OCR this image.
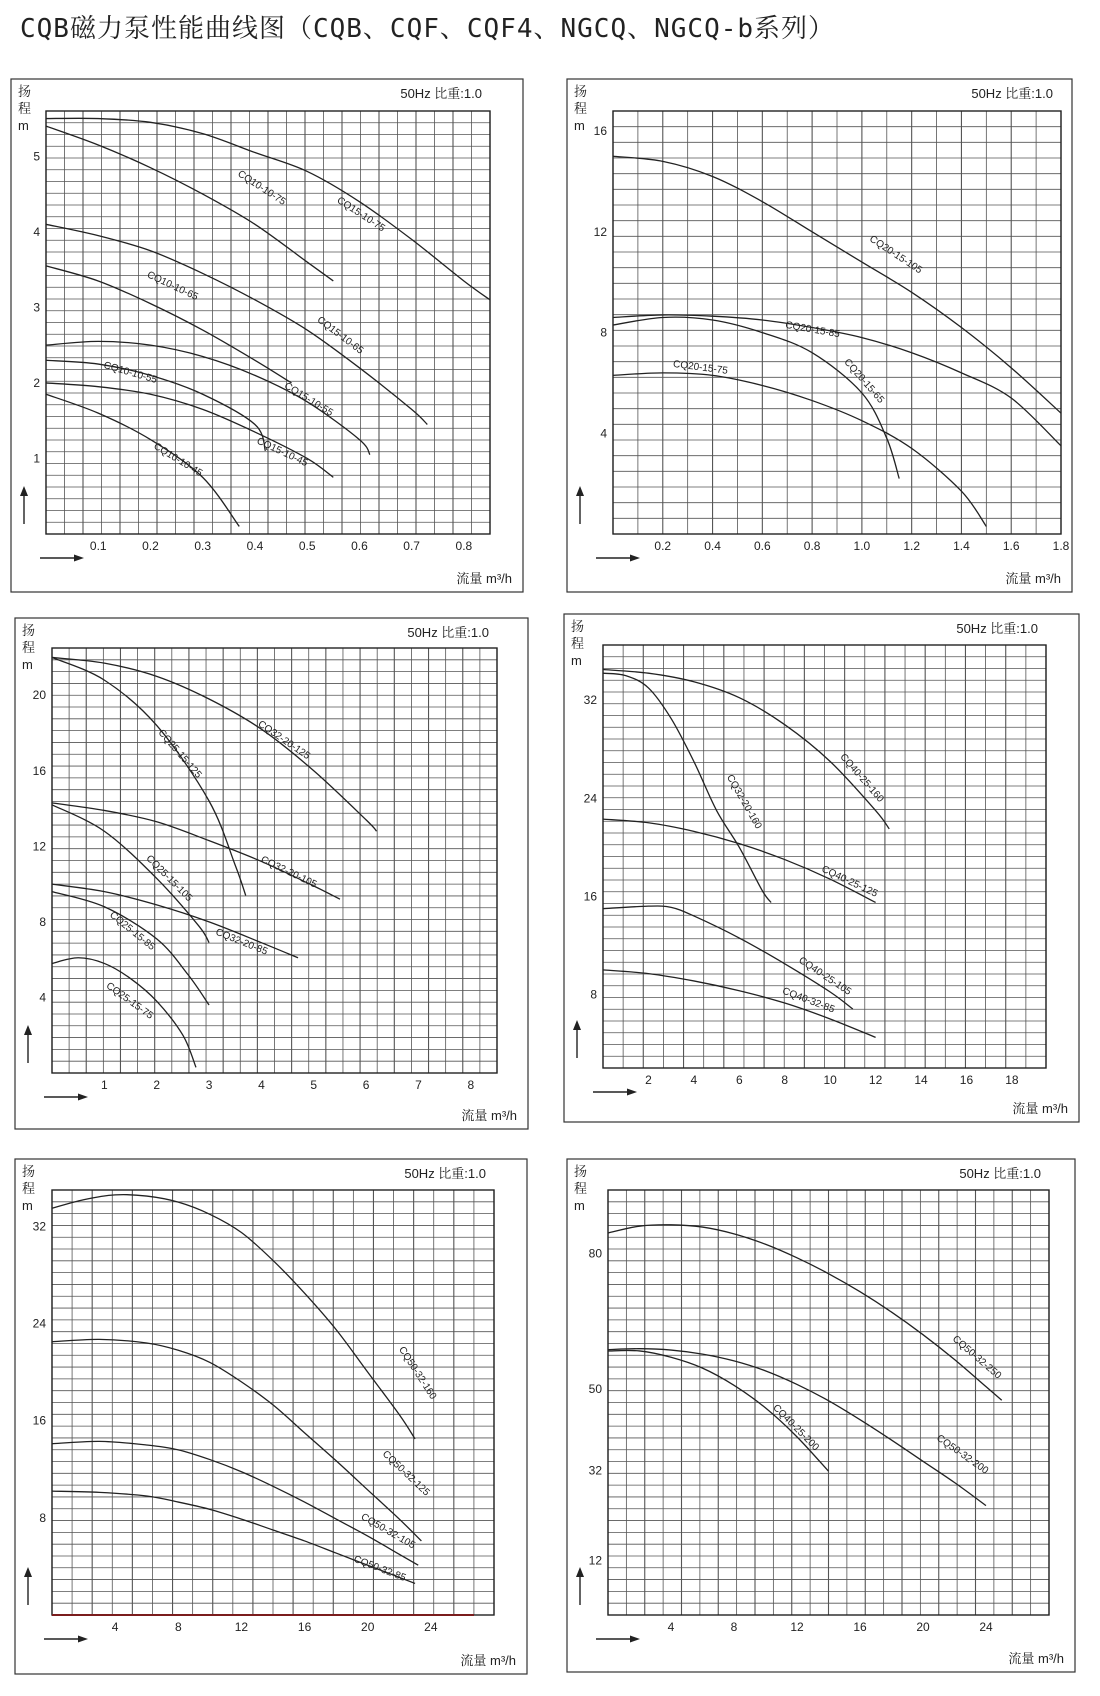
CQB磁力泵性能曲线图（CQB、CQF、CQF4、NGCQ、NGCQ-b系列）
扬
程
m
50Hz 比重:1.0
流量 m³/h
0.1	0.2	0.3	0.4	0.5	0.6	0.7	0.8
1
2
3
4
5
CQ15-10-75
CQ10-10-75
CQ15-10-65
CQ10-10-65
CQ15-10-55
CQ10-10-55
CQ15-10-45
CQ10-10-45
扬
程
m
50Hz 比重:1.0
流量 m³/h
0.2	0.4	0.6	0.8	1.0	1.2	1.4	1.6	1.8
4
8
12
16
CQ20-15-105
CQ20-15-85
CQ20-15-65
CQ20-15-75
扬
程
m
50Hz 比重:1.0
流量 m³/h
1	2	3	4	5	6	7	8
4
8
12
16
20
CQ32-20-125
CQ25-15-125
CQ32-20-105
CQ25-15-105
CQ32-20-85
CQ25-15-85
CQ25-15-75
扬
程
m
50Hz 比重:1.0
流量 m³/h
2	4	6	8	10	12	14	16	18
8
16
24
32
CQ40-25-160
CQ32-20-160
CQ40-25-125
CQ40-25-105
CQ40-32-85
扬
程
m
50Hz 比重:1.0
流量 m³/h
4	8	12	16	20	24
8
16
24
32
CQ50-32-160
CQ50-32-125
CQ50-32-105
CQ50-32-85
扬
程
m
50Hz 比重:1.0
流量 m³/h
4	8	12	16	20	24
12
32
50
80
CQ50-32-250
CQ50-32-200
CQ40-25-200
